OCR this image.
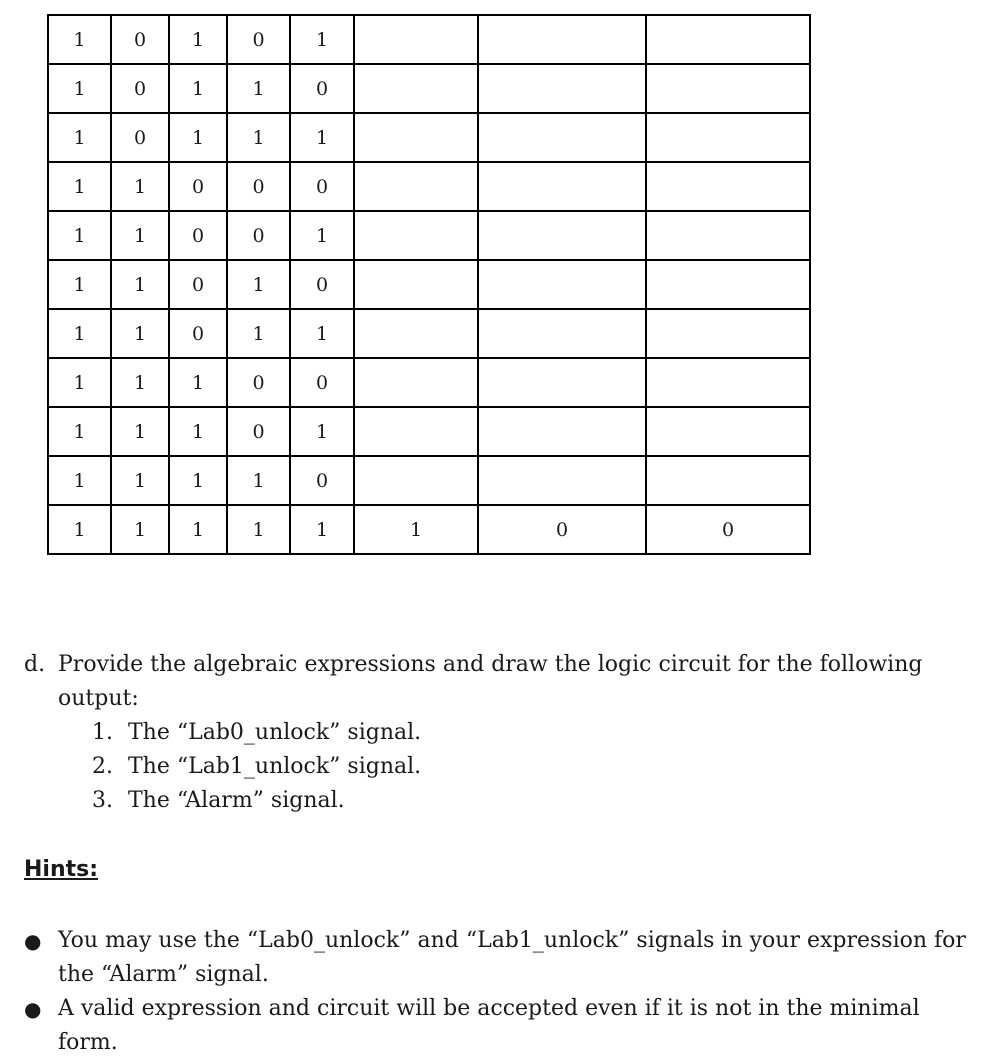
1	0	1	0	1			
1	0	1	1	0			
1	0	1	1	1			
1	1	0	0	0			
1	1	0	0	1			
1	1	0	1	0			
1	1	0	1	1			
1	1	1	0	0			
1	1	1	0	1			
1	1	1	1	0			
1	1	1	1	1	1	0	0
d. Provide the algebraic expressions and draw the logic circuit for the following output:
1. The “Lab0_unlock” signal.
2. The “Lab1_unlock” signal.
3. The “Alarm” signal.
Hints:
● You may use the “Lab0_unlock” and “Lab1_unlock” signals in your expression for the “Alarm” signal.
● A valid expression and circuit will be accepted even if it is not in the minimal form.
